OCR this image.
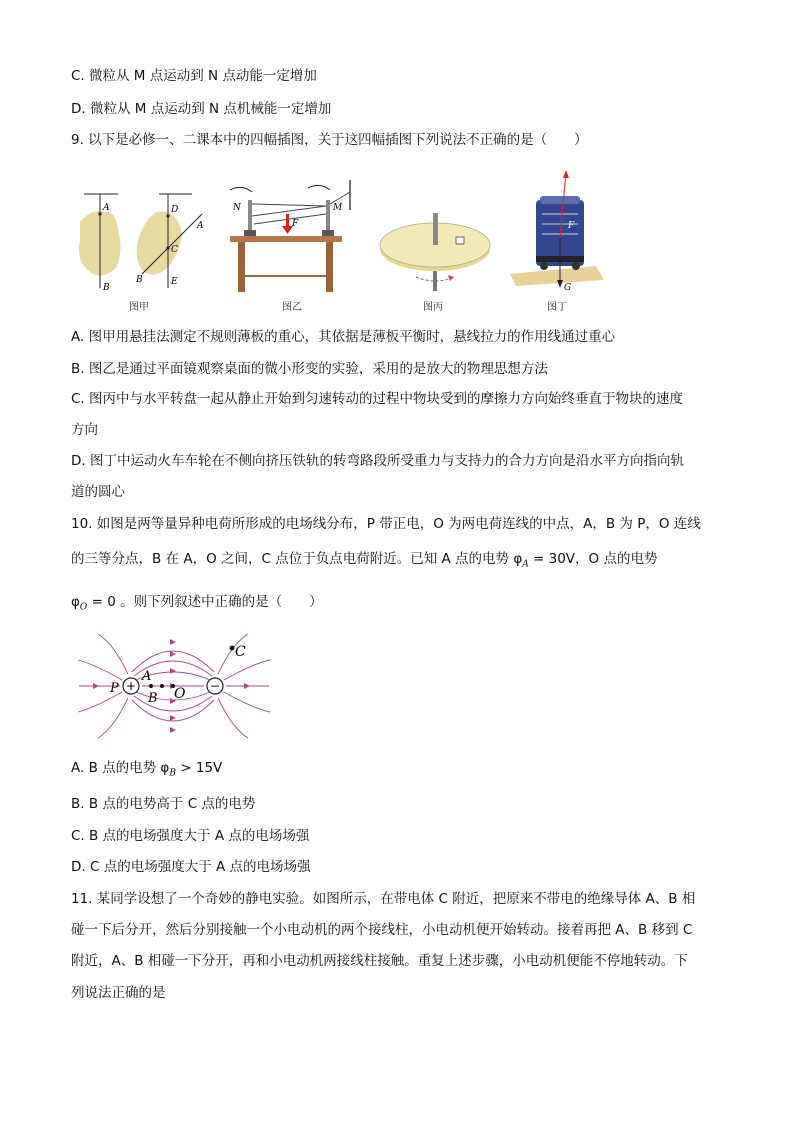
C. 微粒从 M 点运动到 N 点动能一定增加
D. 微粒从 M 点运动到 N 点机械能一定增加
9. 以下是必修一、二课本中的四幅插图，关于这四幅插图下列说法不正确的是（　　）
A
B
D
C
A
B	E
图甲
N
F
M
图乙	图丙
F
G
图丁
A. 图甲用悬挂法测定不规则薄板的重心，其依据是薄板平衡时，悬线拉力的作用线通过重心
B. 图乙是通过平面镜观察桌面的微小形变的实验，采用的是放大的物理思想方法
C. 图丙中与水平转盘一起从静止开始到匀速转动的过程中物块受到的摩擦力方向始终垂直于物块的速度
方向
D. 图丁中运动火车车轮在不侧向挤压铁轨的转弯路段所受重力与支持力的合力方向是沿水平方向指向轨
道的圆心
10. 如图是两等量异种电荷所形成的电场线分布，P 带正电，O 为两电荷连线的中点，A，B 为 P，O 连线
的三等分点，B 在 A，O 之间，C 点位于负点电荷附近。已知 A 点的电势 $\varphi_A = 30V$，O 点的电势
$\varphi_O = 0$ 。则下列叙述中正确的是（　　）
+	−
P
A
B O
C
A. B 点的电势 $\varphi_B > 15V$
B. B 点的电势高于 C 点的电势
C. B 点的电场强度大于 A 点的电场场强
D. C 点的电场强度大于 A 点的电场场强
11. 某同学设想了一个奇妙的静电实验。如图所示，在带电体 C 附近，把原来不带电的绝缘导体 A、B 相
碰一下后分开，然后分别接触一个小电动机的两个接线柱，小电动机便开始转动。接着再把 A、B 移到 C
附近，A、B 相碰一下分开，再和小电动机两接线柱接触。重复上述步骤，小电动机便能不停地转动。下
列说法正确的是
